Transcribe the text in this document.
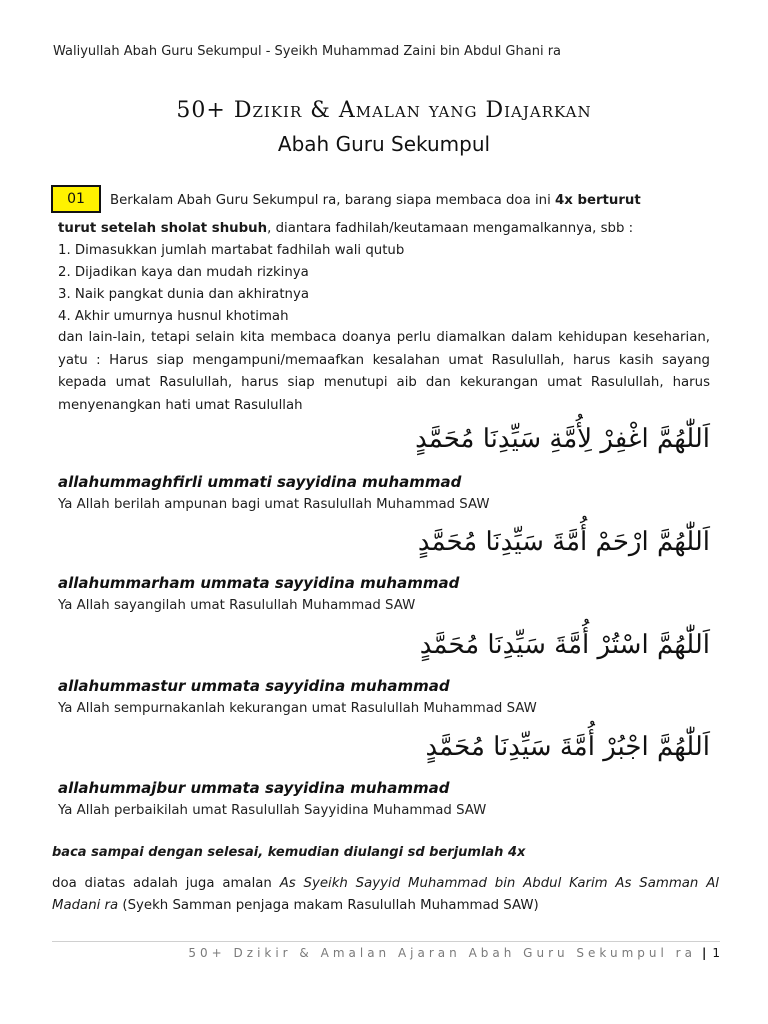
Waliyullah Abah Guru Sekumpul - Syeikh Muhammad Zaini bin Abdul Ghani ra
50+ Dzikir & Amalan yang Diajarkan
Abah Guru Sekumpul
01	Berkalam Abah Guru Sekumpul ra, barang siapa membaca doa ini 4x berturut
turut setelah sholat shubuh, diantara fadhilah/keutamaan mengamalkannya, sbb :
1. Dimasukkan jumlah martabat fadhilah wali qutub
2. Dijadikan kaya dan mudah rizkinya
3. Naik pangkat dunia dan akhiratnya
4. Akhir umurnya husnul khotimah
dan lain-lain, tetapi selain kita membaca doanya perlu diamalkan dalam kehidupan keseharian, yatu : Harus siap mengampuni/memaafkan kesalahan umat Rasulullah, harus kasih sayang kepada umat Rasulullah, harus siap menutupi aib dan kekurangan umat Rasulullah, harus menyenangkan hati umat Rasulullah
اَللّٰهُمَّ اغْفِرْ لِأُمَّةِ سَيِّدِنَا مُحَمَّدٍ
allahummaghfirli ummati sayyidina muhammad
Ya Allah berilah ampunan bagi umat Rasulullah Muhammad SAW
اَللّٰهُمَّ ارْحَمْ أُمَّةَ سَيِّدِنَا مُحَمَّدٍ
allahummarham ummata sayyidina muhammad
Ya Allah sayangilah umat Rasulullah Muhammad SAW
اَللّٰهُمَّ اسْتُرْ أُمَّةَ سَيِّدِنَا مُحَمَّدٍ
allahummastur ummata sayyidina muhammad
Ya Allah sempurnakanlah kekurangan umat Rasulullah Muhammad SAW
اَللّٰهُمَّ اجْبُرْ أُمَّةَ سَيِّدِنَا مُحَمَّدٍ
allahummajbur ummata sayyidina muhammad
Ya Allah perbaikilah umat Rasulullah Sayyidina Muhammad SAW
baca sampai dengan selesai, kemudian diulangi sd berjumlah 4x
doa diatas adalah juga amalan As Syeikh Sayyid Muhammad bin Abdul Karim As Samman Al Madani ra (Syekh Samman penjaga makam Rasulullah Muhammad SAW)
50+ Dzikir & Amalan Ajaran Abah Guru Sekumpul ra | 1
